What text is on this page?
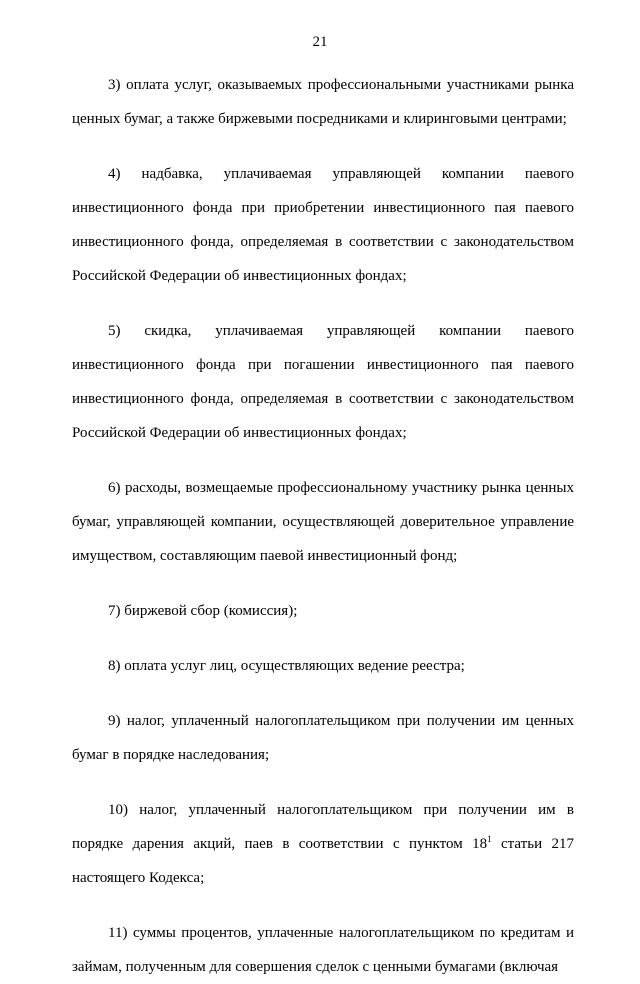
21

3) оплата услуг, оказываемых профессиональными участниками рынка ценных бумаг, а также биржевыми посредниками и клиринговыми центрами;

4) надбавка, уплачиваемая управляющей компании паевого инвестиционного фонда при приобретении инвестиционного пая паевого инвестиционного фонда, определяемая в соответствии с законодательством Российской Федерации об инвестиционных фондах;

5) скидка, уплачиваемая управляющей компании паевого инвестиционного фонда при погашении инвестиционного пая паевого инвестиционного фонда, определяемая в соответствии с законодательством Российской Федерации об инвестиционных фондах;

6) расходы, возмещаемые профессиональному участнику рынка ценных бумаг, управляющей компании, осуществляющей доверительное управление имуществом, составляющим паевой инвестиционный фонд;

7) биржевой сбор (комиссия);

8) оплата услуг лиц, осуществляющих ведение реестра;

9) налог, уплаченный налогоплательщиком при получении им ценных бумаг в порядке наследования;

10) налог, уплаченный налогоплательщиком при получении им в порядке дарения акций, паев в соответствии с пунктом $18^1$ статьи 217 настоящего Кодекса;

11) суммы процентов, уплаченные налогоплательщиком по кредитам и займам, полученным для совершения сделок с ценными бумагами (включая
